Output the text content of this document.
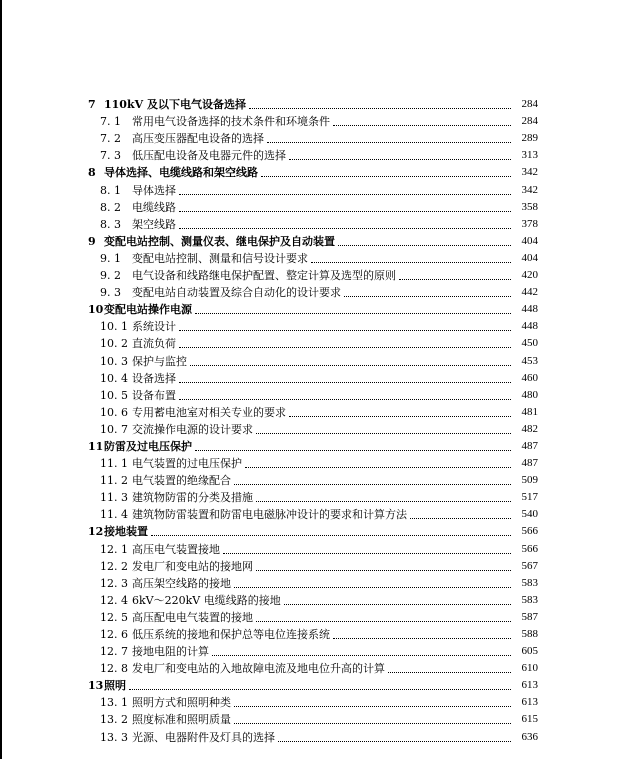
7 110kV 及以下电气设备选择	284
7. 1	常用电气设备选择的技术条件和环境条件	284
7. 2	高压变压器配电设备的选择	289
7. 3	低压配电设备及电器元件的选择	313
8 导体选择、电缆线路和架空线路	342
8. 1	导体选择	342
8. 2	电缆线路	358
8. 3	架空线路	378
9 变配电站控制、测量仪表、继电保护及自动装置	404
9. 1	变配电站控制、测量和信号设计要求	404
9. 2	电气设备和线路继电保护配置、整定计算及选型的原则	420
9. 3	变配电站自动装置及综合自动化的设计要求	442
10 变配电站操作电源	448
10. 1 系统设计	448
10. 2 直流负荷	450
10. 3 保护与监控	453
10. 4 设备选择	460
10. 5 设备布置	480
10. 6 专用蓄电池室对相关专业的要求	481
10. 7 交流操作电源的设计要求	482
11 防雷及过电压保护	487
11. 1 电气装置的过电压保护	487
11. 2 电气装置的绝缘配合	509
11. 3 建筑物防雷的分类及措施	517
11. 4 建筑物防雷装置和防雷电电磁脉冲设计的要求和计算方法	540
12 接地装置	566
12. 1 高压电气装置接地	566
12. 2 发电厂和变电站的接地网	567
12. 3 高压架空线路的接地	583
12. 4 6kV～220kV 电缆线路的接地	583
12. 5 高压配电电气装置的接地	587
12. 6 低压系统的接地和保护总等电位连接系统	588
12. 7 接地电阻的计算	605
12. 8 发电厂和变电站的入地故障电流及地电位升高的计算	610
13 照明	613
13. 1 照明方式和照明种类	613
13. 2 照度标准和照明质量	615
13. 3 光源、电器附件及灯具的选择	636
